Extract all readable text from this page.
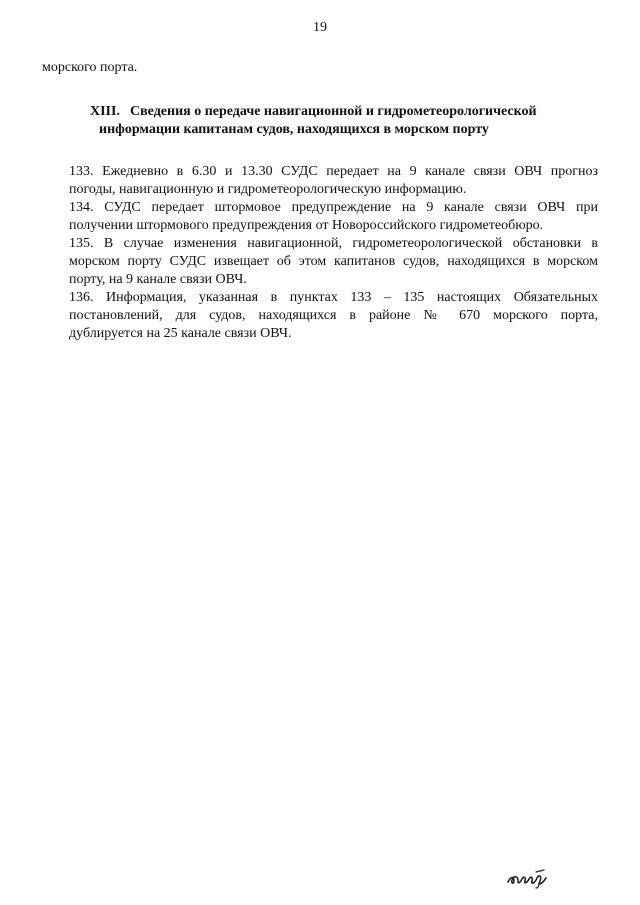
19
морского порта.
XIII. Сведения о передаче навигационной и гидрометеорологической
информации капитанам судов, находящихся в морском порту

133. Ежедневно в 6.30 и 13.30 СУДС передает на 9 канале связи ОВЧ прогноз
погоды, навигационную и гидрометеорологическую информацию.

134. СУДС передает штормовое предупреждение на 9 канале связи ОВЧ при
получении штормового предупреждения от Новороссийского гидрометеобюро.

135. В случае изменения навигационной, гидрометеорологической обстановки в
морском порту СУДС извещает об этом капитанов судов, находящихся в морском
порту, на 9 канале связи ОВЧ.

136. Информация, указанная в пунктах 133 – 135 настоящих Обязательных
постановлений, для судов, находящихся в районе № 670 морского порта,
дублируется на 25 канале связи ОВЧ.
